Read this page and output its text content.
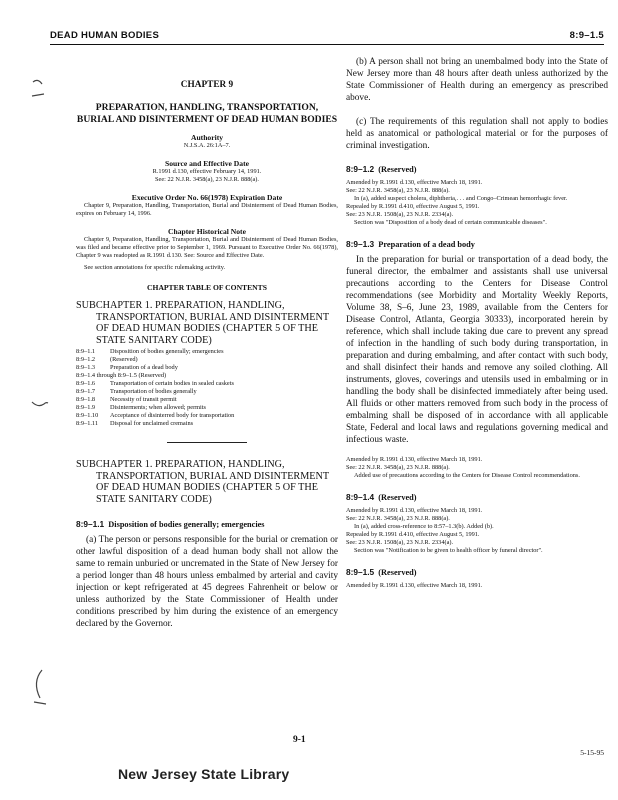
DEAD HUMAN BODIES	8:9–1.5
CHAPTER 9

PREPARATION, HANDLING, TRANSPORTATION, BURIAL AND DISINTERMENT OF DEAD HUMAN BODIES

Authority

N.J.S.A. 26:1A–7.

Source and Effective Date

R.1991 d.130, effective February 14, 1991.

See: 22 N.J.R. 3458(a), 23 N.J.R. 888(a).

Executive Order No. 66(1978) Expiration Date

Chapter 9, Preparation, Handling, Transportation, Burial and Disinterment of Dead Human Bodies, expires on February 14, 1996.

Chapter Historical Note

Chapter 9, Preparation, Handling, Transportation, Burial and Disinterment of Dead Human Bodies, was filed and became effective prior to September 1, 1969. Pursuant to Executive Order No. 66(1978), Chapter 9 was readopted as R.1991 d.130. See: Source and Effective Date.

See section annotations for specific rulemaking activity.

CHAPTER TABLE OF CONTENTS

SUBCHAPTER 1. PREPARATION, HANDLING, TRANSPORTATION, BURIAL AND DISINTERMENT OF DEAD HUMAN BODIES (CHAPTER 5 OF THE STATE SANITARY CODE)

8:9–1.1 Disposition of bodies generally; emergencies
8:9–1.2 (Reserved)
8:9–1.3 Preparation of a dead body
8:9–1.4 through 8:9–1.5 (Reserved)
8:9–1.6 Transportation of certain bodies in sealed caskets
8:9–1.7 Transportation of bodies generally
8:9–1.8 Necessity of transit permit
8:9–1.9 Disinterments; when allowed; permits
8:9–1.10 Acceptance of disinterred body for transportation
8:9–1.11 Disposal for unclaimed cremains

SUBCHAPTER 1. PREPARATION, HANDLING, TRANSPORTATION, BURIAL AND DISINTERMENT OF DEAD HUMAN BODIES (CHAPTER 5 OF THE STATE SANITARY CODE)

8:9–1.1 Disposition of bodies generally; emergencies

(a) The person or persons responsible for the burial or cremation or other lawful disposition of a dead human body shall not allow the same to remain unburied or uncremated in the State of New Jersey for a period longer than 48 hours unless embalmed by arterial and cavity injection or kept refrigerated at 45 degrees Fahrenheit or below or unless authorized by the State Commissioner of Health under conditions prescribed by him during the existence of an emergency declared by the Governor.

(b) A person shall not bring an unembalmed body into the State of New Jersey more than 48 hours after death unless authorized by the State Commissioner of Health during an emergency as prescribed above.

(c) The requirements of this regulation shall not apply to bodies held as anatomical or pathological material or for the purposes of criminal investigation.

8:9–1.2 (Reserved)

Amended by R.1991 d.130, effective March 18, 1991.

See: 22 N.J.R. 3458(a), 23 N.J.R. 888(a).

In (a), added suspect cholera, diphtheria,. . . and Congo–Crimean hemorrhagic fever.

Repealed by R.1991 d.410, effective August 5, 1991.

See: 23 N.J.R. 1508(a), 23 N.J.R. 2334(a).

Section was "Disposition of a body dead of certain communicable diseases".

8:9–1.3 Preparation of a dead body

In the preparation for burial or transportation of a dead body, the funeral director, the embalmer and assistants shall use universal precautions according to the Centers for Disease Control recommendations (see Morbidity and Mortality Weekly Reports, Volume 38, S–6, June 23, 1989, available from the Centers for Disease Control, Atlanta, Georgia 30333), incorporated herein by reference, which shall include taking due care to prevent any spread of infection in the handling of such body during transportation, in preparation and during embalming, and after contact with such body, and shall disinfect their hands and remove any soiled clothing. All instruments, gloves, coverings and utensils used in embalming or in handling the body shall be disinfected immediately after being used. All fluids or other matters removed from such body in the process of embalming shall be disposed of in accordance with all applicable State, Federal and local laws and regulations governing medical and infectious waste.

Amended by R.1991 d.130, effective March 18, 1991.

See: 22 N.J.R. 3458(a), 23 N.J.R. 888(a).

Added use of precautions according to the Centers for Disease Control recommendations.

8:9–1.4 (Reserved)

Amended by R.1991 d.130, effective March 18, 1991.

See: 22 N.J.R. 3458(a), 23 N.J.R. 888(a).

In (a), added cross-reference to 8:57–1.3(b). Added (b).

Repealed by R.1991 d.410, effective August 5, 1991.

See: 23 N.J.R. 1508(a), 23 N.J.R. 2334(a).

Section was "Notification to be given to health officer by funeral director".

8:9–1.5 (Reserved)

Amended by R.1991 d.130, effective March 18, 1991.

9-1
5-15-95
New Jersey State Library
